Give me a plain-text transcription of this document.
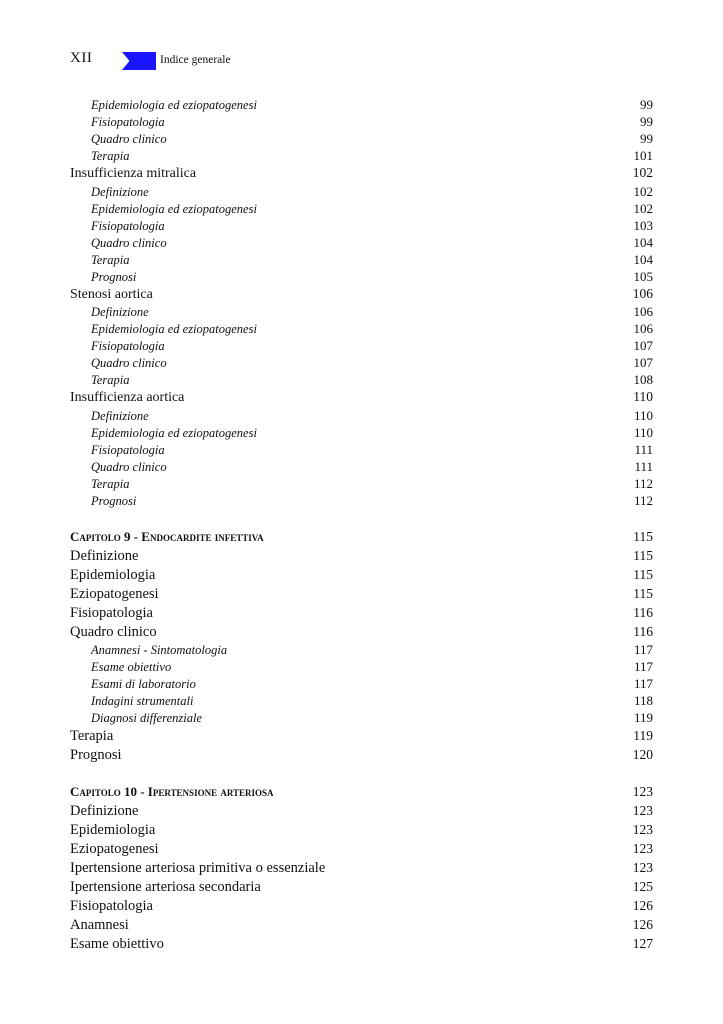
XII	Indice generale
Epidemiologia ed eziopatogenesi	99
Fisiopatologia	99
Quadro clinico	99
Terapia	101
Insufficienza mitralica	102
Definizione	102
Epidemiologia ed eziopatogenesi	102
Fisiopatologia	103
Quadro clinico	104
Terapia	104
Prognosi	105
Stenosi aortica	106
Definizione	106
Epidemiologia ed eziopatogenesi	106
Fisiopatologia	107
Quadro clinico	107
Terapia	108
Insufficienza aortica	110
Definizione	110
Epidemiologia ed eziopatogenesi	110
Fisiopatologia	111
Quadro clinico	111
Terapia	112
Prognosi	112
Capitolo 9 - Endocardite infettiva	115
Definizione	115
Epidemiologia	115
Eziopatogenesi	115
Fisiopatologia	116
Quadro clinico	116
Anamnesi - Sintomatologia	117
Esame obiettivo	117
Esami di laboratorio	117
Indagini strumentali	118
Diagnosi differenziale	119
Terapia	119
Prognosi	120
Capitolo 10 - Ipertensione arteriosa	123
Definizione	123
Epidemiologia	123
Eziopatogenesi	123
Ipertensione arteriosa primitiva o essenziale	123
Ipertensione arteriosa secondaria	125
Fisiopatologia	126
Anamnesi	126
Esame obiettivo	127
